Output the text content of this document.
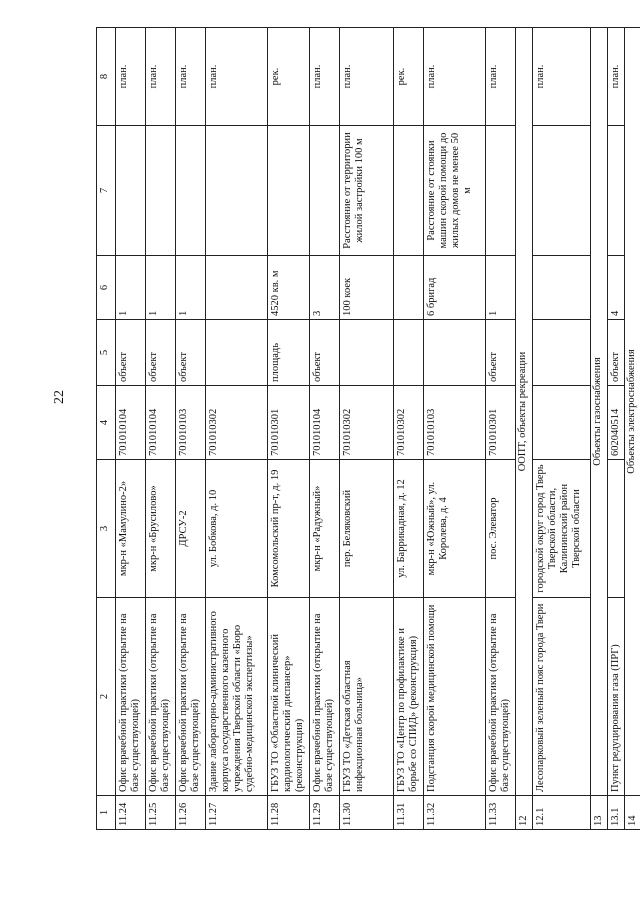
22
1	2	3	4	5	6	7	8
11.24	Офис врачебной практики (открытие на базе существующей)	мкр-н «Мамулино-2»	701010104	объект	1		план.
11.25	Офис врачебной практики (открытие на базе существующей)	мкр-н «Брусилово»	701010104	объект	1		план.
11.26	Офис врачебной практики (открытие на базе существующей)	ДРСУ-2	701010103	объект	1		план.
11.27	Здание лабораторно-административного корпуса государственного казенного учреждения Тверской области «Бюро судебно-медицинской экспертизы»	ул. Бобкова, д. 10	701010302				план.
11.28	ГБУЗ ТО «Областной клинический кардиологический диспансер» (реконструкция)	Комсомольский пр-т, д. 19	701010301	площадь	4520 кв. м		рек.
11.29	Офис врачебной практики (открытие на базе существующей)	мкр-н «Радужный»	701010104	объект	3		план.
11.30	ГБУЗ ТО «Детская областная инфекционная больница»	пер. Беляковский	701010302		100 коек	Расстояние от территории жилой застройки 100 м	план.
11.31	ГБУЗ ТО «Центр по профилактике и борьбе со СПИД» (реконструкция)	ул. Баррикадная, д. 12	701010302				рек.
11.32	Подстанция скорой медицинской помощи	мкр-н «Южный», ул. Королева, д. 4	701010103		6 бригад	Расстояние от стоянки машин скорой помощи до жилых домов не менее 50 м	план.
11.33	Офис врачебной практики (открытие на базе существующей)	пос. Элеватор	701010301	объект	1		план.
12	ООПТ, объекты рекреации						
12.1	Лесопарковый зеленый пояс города Твери	городской округ город Тверь Тверской области, Калининский район Тверской области					план.
13	Объекты газоснабжения						
13.1	Пункт редуцирования газа (ПРГ)		602040514	объект	4		план.
14	Объекты электроснабжения						
